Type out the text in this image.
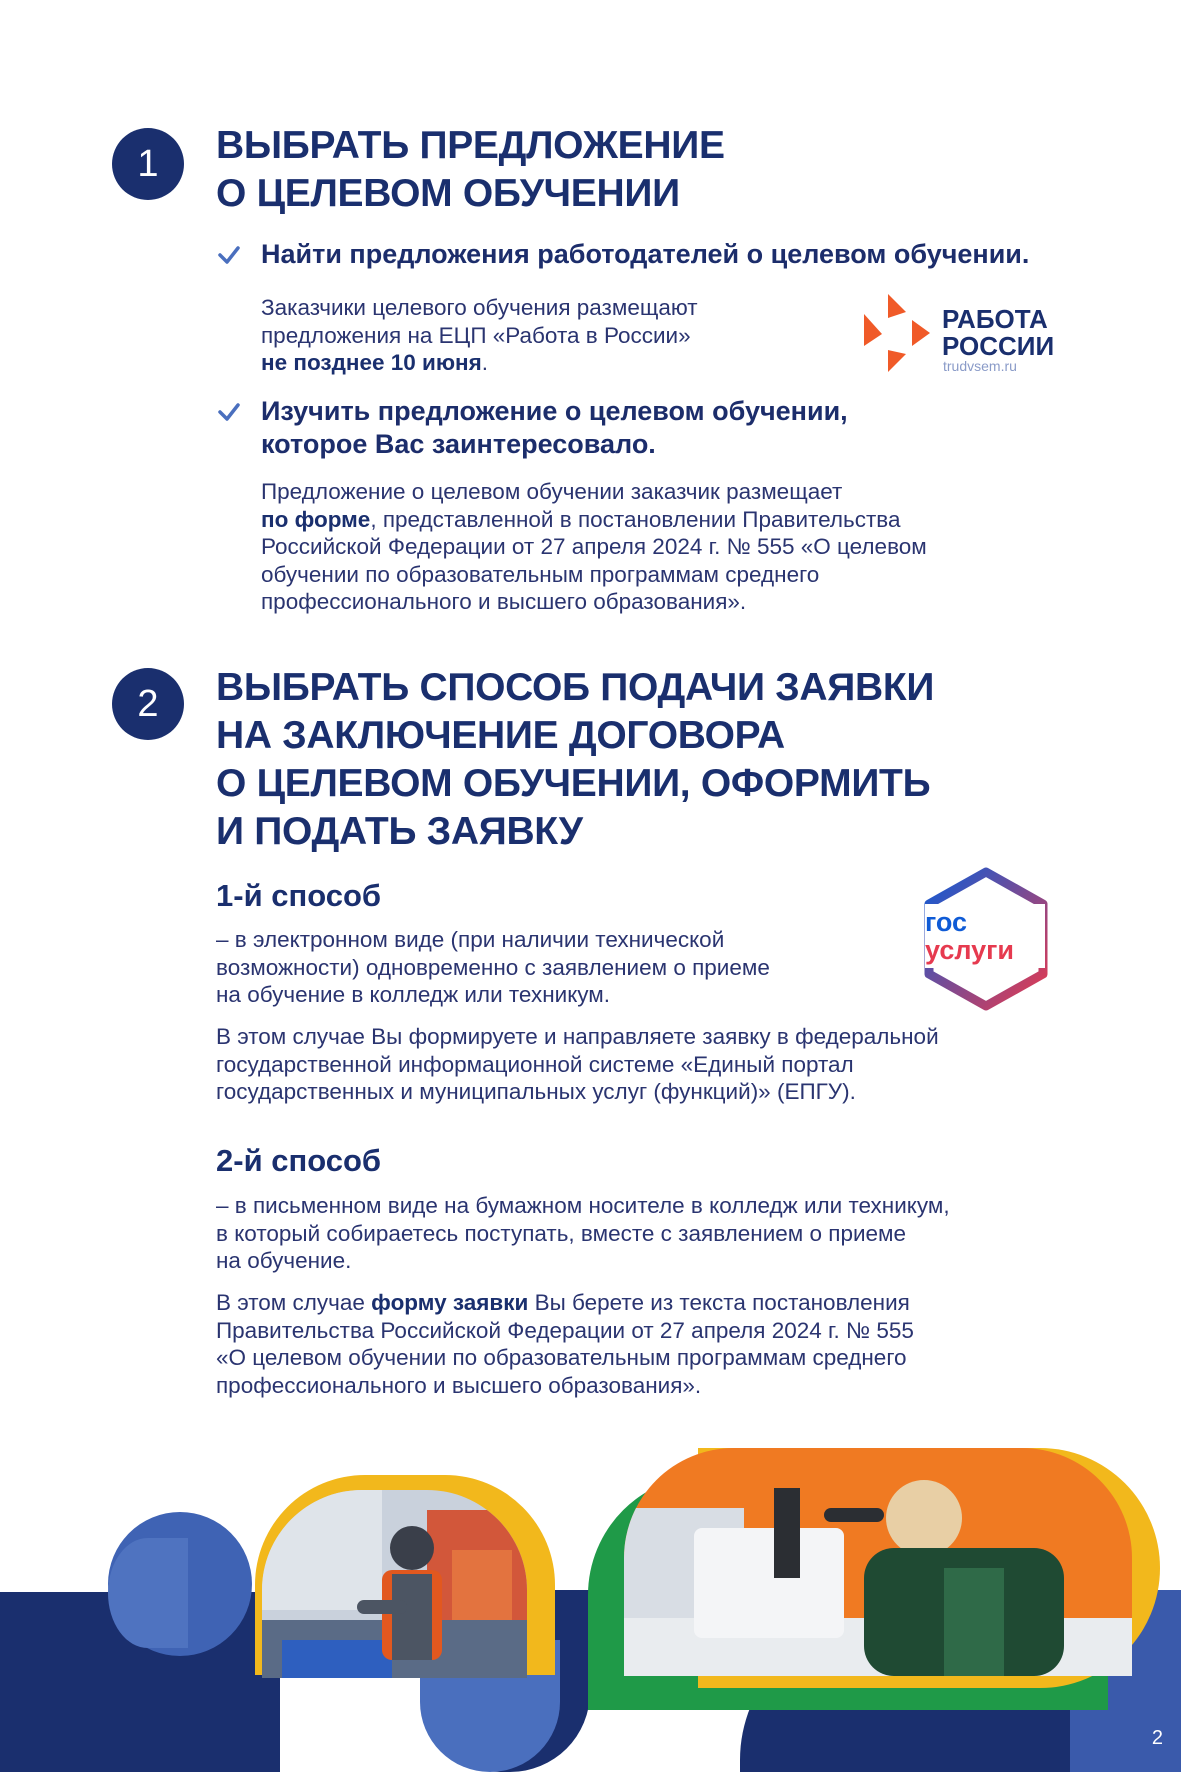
1	ВЫБРАТЬ ПРЕДЛОЖЕНИЕ
О ЦЕЛЕВОМ ОБУЧЕНИИ
Найти предложения работодателей о целевом обучении.
Заказчики целевого обучения размещают
предложения на ЕЦП «Работа в России»
не позднее 10 июня.
РАБОТА
РОССИИ
trudvsem.ru
Изучить предложение о целевом обучении,
которое Вас заинтересовало.
Предложение о целевом обучении заказчик размещает
по форме, представленной в постановлении Правительства
Российской Федерации от 27 апреля 2024 г. № 555 «О целевом
обучении по образовательным программам среднего
профессионального и высшего образования».
2	ВЫБРАТЬ СПОСОБ ПОДАЧИ ЗАЯВКИ
НА ЗАКЛЮЧЕНИЕ ДОГОВОРА
О ЦЕЛЕВОМ ОБУЧЕНИИ, ОФОРМИТЬ
И ПОДАТЬ ЗАЯВКУ
1-й способ
– в электронном виде (при наличии технической
возможности) одновременно с заявлением о приеме
на обучение в колледж или техникум.
гос
услуги
В этом случае Вы формируете и направляете заявку в федеральной
государственной информационной системе «Единый портал
государственных и муниципальных услуг (функций)» (ЕПГУ).
2-й способ
– в письменном виде на бумажном носителе в колледж или техникум,
в который собираетесь поступать, вместе с заявлением о приеме
на обучение.
В этом случае форму заявки Вы берете из текста постановления
Правительства Российской Федерации от 27 апреля 2024 г. № 555
«О целевом обучении по образовательным программам среднего
профессионального и высшего образования».
2
